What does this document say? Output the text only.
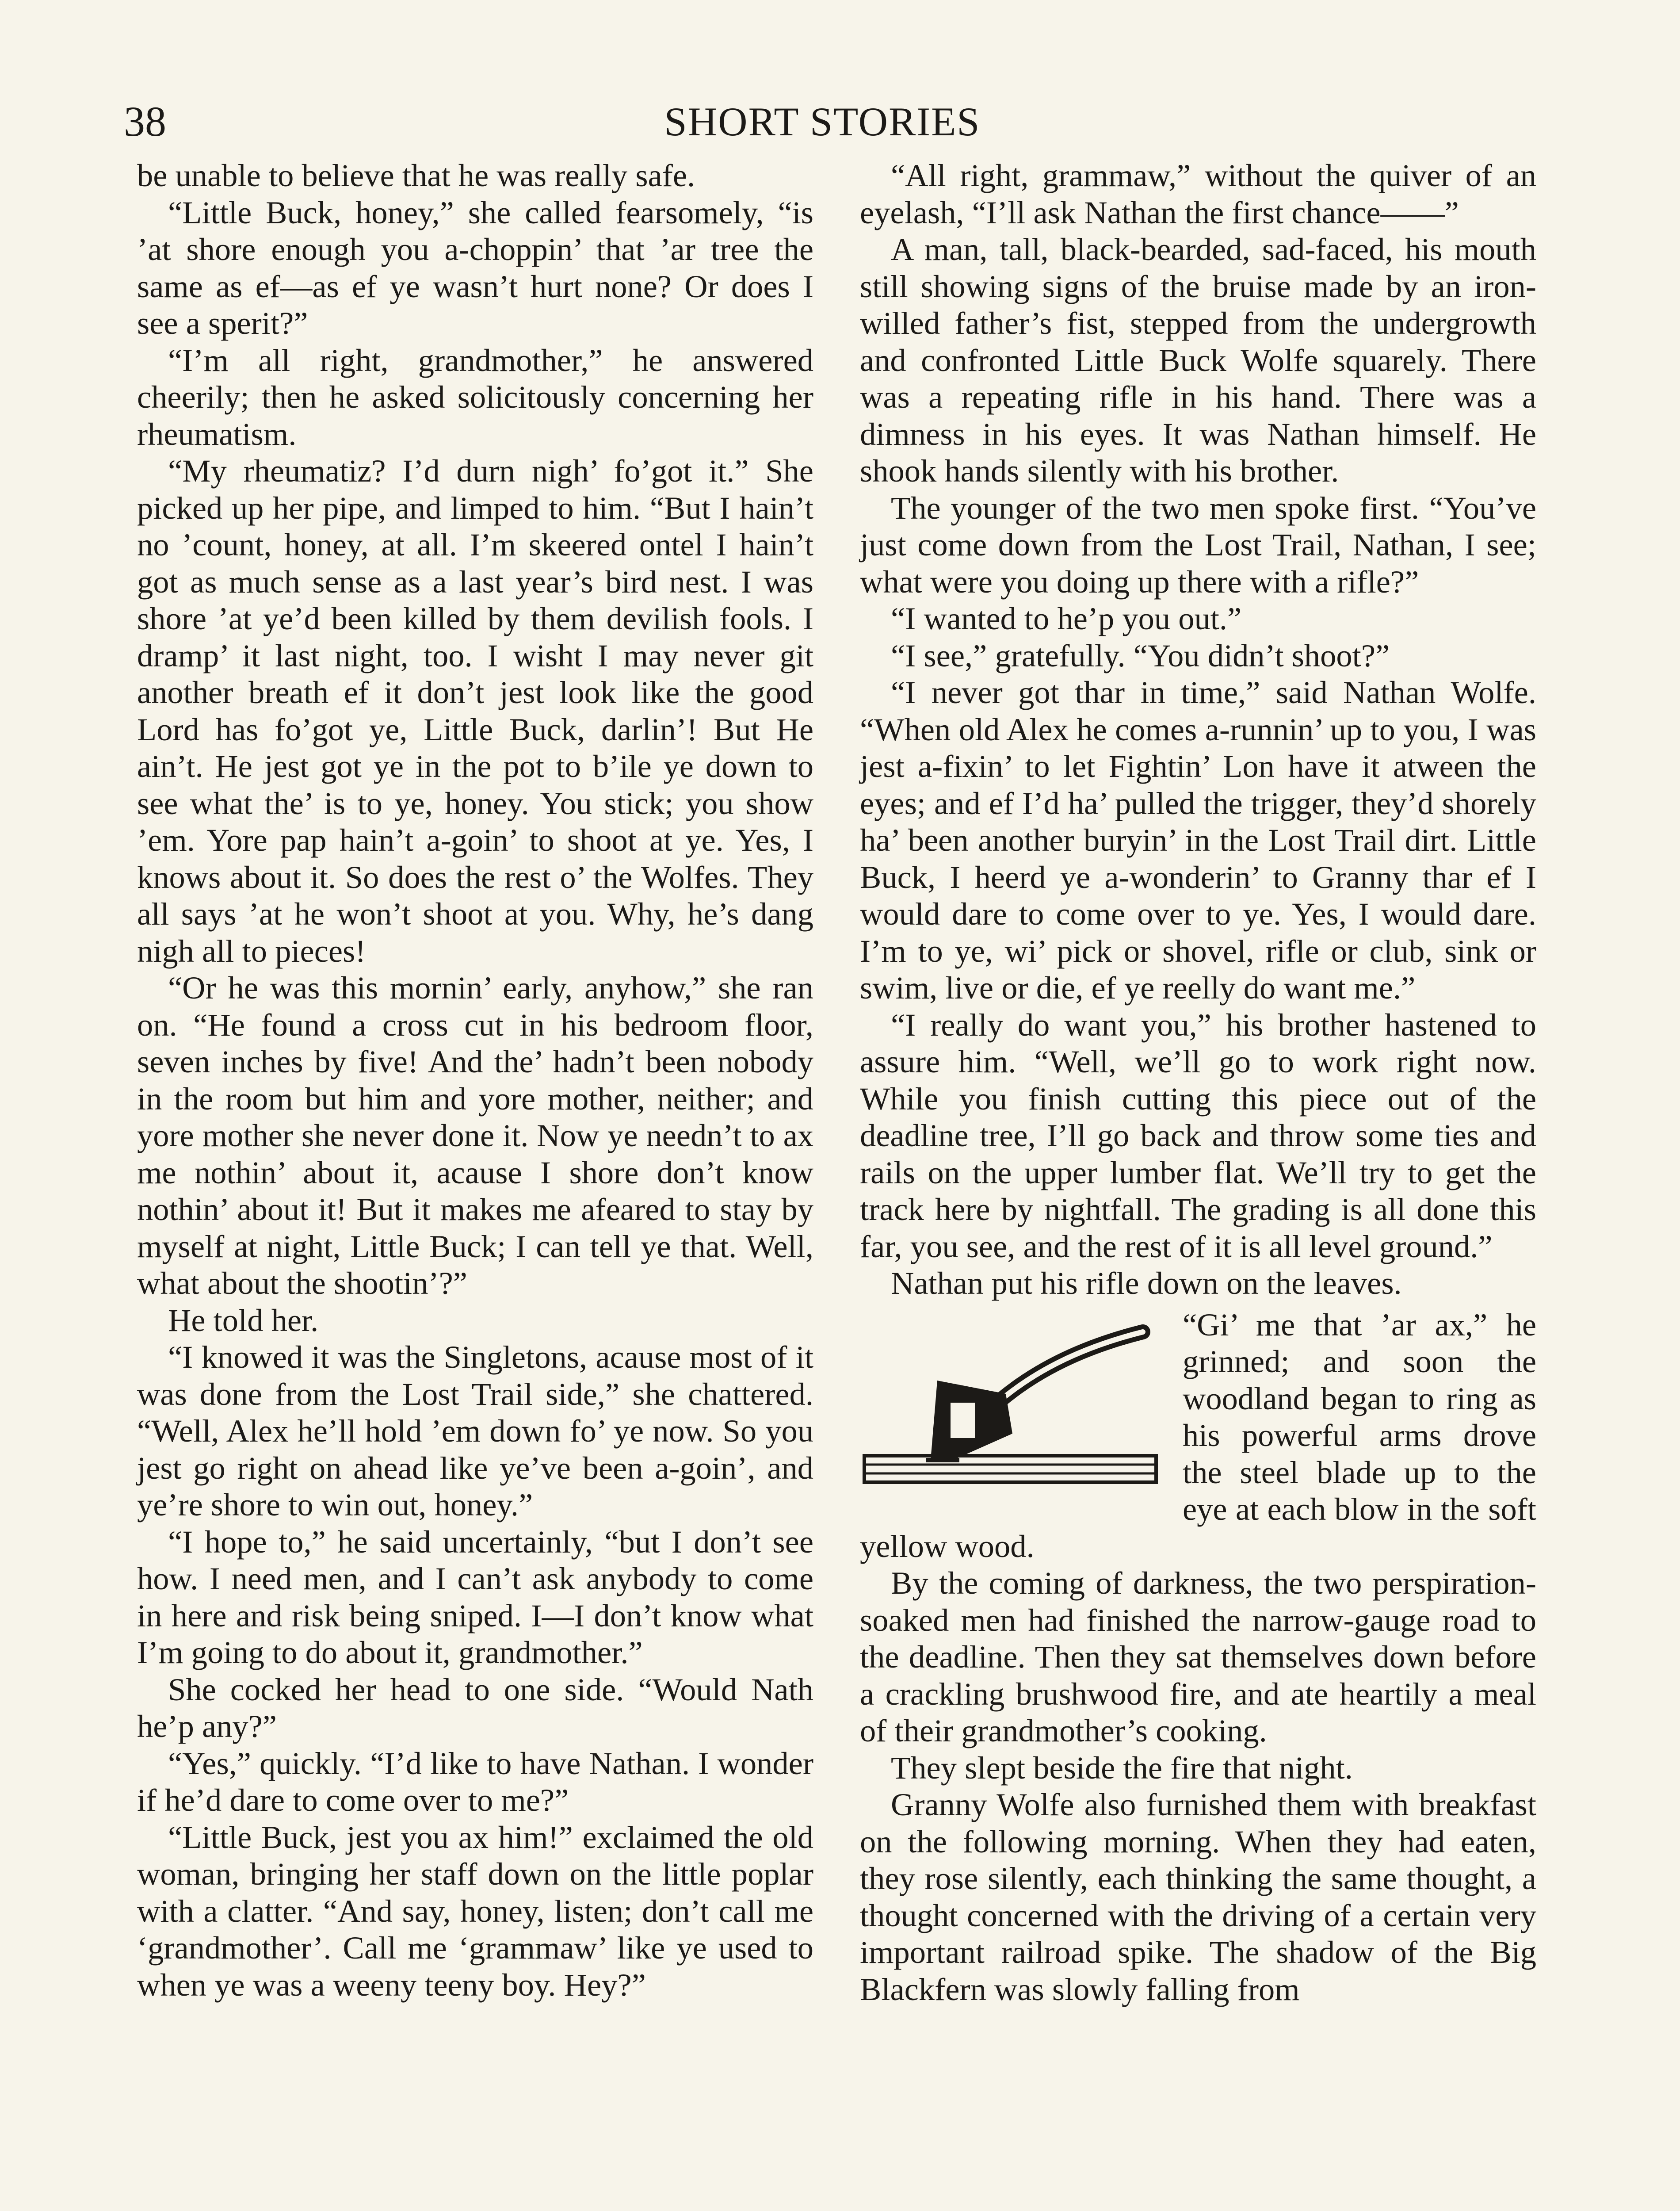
38	SHORT STORIES

be unable to believe that he was really safe.

“Little Buck, honey,” she called fearsomely, “is ’at shore enough you a-choppin’ that ’ar tree the same as ef—as ef ye wasn’t hurt none? Or does I see a sperit?”

“I’m all right, grandmother,” he answered cheerily; then he asked solicitously concerning her rheumatism.

“My rheumatiz? I’d durn nigh’ fo’got it.” She picked up her pipe, and limped to him. “But I hain’t no ’count, honey, at all. I’m skeered ontel I hain’t got as much sense as a last year’s bird nest. I was shore ’at ye’d been killed by them devilish fools. I dramp’ it last night, too. I wisht I may never git another breath ef it don’t jest look like the good Lord has fo’got ye, Little Buck, darlin’! But He ain’t. He jest got ye in the pot to b’ile ye down to see what the’ is to ye, honey. You stick; you show ’em. Yore pap hain’t a-goin’ to shoot at ye. Yes, I knows about it. So does the rest o’ the Wolfes. They all says ’at he won’t shoot at you. Why, he’s dang nigh all to pieces!

“Or he was this mornin’ early, anyhow,” she ran on. “He found a cross cut in his bedroom floor, seven inches by five! And the’ hadn’t been nobody in the room but him and yore mother, neither; and yore mother she never done it. Now ye needn’t to ax me nothin’ about it, acause I shore don’t know nothin’ about it! But it makes me afeared to stay by myself at night, Little Buck; I can tell ye that. Well, what about the shootin’?”

He told her.

“I knowed it was the Singletons, acause most of it was done from the Lost Trail side,” she chattered. “Well, Alex he’ll hold ’em down fo’ ye now. So you jest go right on ahead like ye’ve been a-goin’, and ye’re shore to win out, honey.”

“I hope to,” he said uncertainly, “but I don’t see how. I need men, and I can’t ask anybody to come in here and risk being sniped. I—I don’t know what I’m going to do about it, grandmother.”

She cocked her head to one side. “Would Nath he’p any?”

“Yes,” quickly. “I’d like to have Nathan. I wonder if he’d dare to come over to me?”

“Little Buck, jest you ax him!” exclaimed the old woman, bringing her staff down on the little poplar with a clatter. “And say, honey, listen; don’t call me ‘grandmother’. Call me ‘grammaw’ like ye used to when ye was a weeny teeny boy. Hey?”

“All right, grammaw,” without the quiver of an eyelash, “I’ll ask Nathan the first chance——”

A man, tall, black-bearded, sad-faced, his mouth still showing signs of the bruise made by an iron-willed father’s fist, stepped from the undergrowth and confronted Little Buck Wolfe squarely. There was a repeating rifle in his hand. There was a dimness in his eyes. It was Nathan himself. He shook hands silently with his brother.

The younger of the two men spoke first. “You’ve just come down from the Lost Trail, Nathan, I see; what were you doing up there with a rifle?”

“I wanted to he’p you out.”

“I see,” gratefully. “You didn’t shoot?”

“I never got thar in time,” said Nathan Wolfe. “When old Alex he comes a-runnin’ up to you, I was jest a-fixin’ to let Fightin’ Lon have it atween the eyes; and ef I’d ha’ pulled the trigger, they’d shorely ha’ been another buryin’ in the Lost Trail dirt. Little Buck, I heerd ye a-wonderin’ to Granny thar ef I would dare to come over to ye. Yes, I would dare. I’m to ye, wi’ pick or shovel, rifle or club, sink or swim, live or die, ef ye reelly do want me.”

“I really do want you,” his brother hastened to assure him. “Well, we’ll go to work right now. While you finish cutting this piece out of the deadline tree, I’ll go back and throw some ties and rails on the upper lumber flat. We’ll try to get the track here by nightfall. The grading is all done this far, you see, and the rest of it is all level ground.”

Nathan put his rifle down on the leaves.

“Gi’ me that ’ar ax,” he grinned; and soon the woodland began to ring as his powerful arms drove the steel blade up to the eye at each blow in the soft yellow wood.

By the coming of darkness, the two perspiration-soaked men had finished the narrow-gauge road to the deadline. Then they sat themselves down before a crackling brushwood fire, and ate heartily a meal of their grandmother’s cooking.

They slept beside the fire that night.

Granny Wolfe also furnished them with breakfast on the following morning. When they had eaten, they rose silently, each thinking the same thought, a thought concerned with the driving of a certain very important railroad spike. The shadow of the Big Blackfern was slowly falling from
